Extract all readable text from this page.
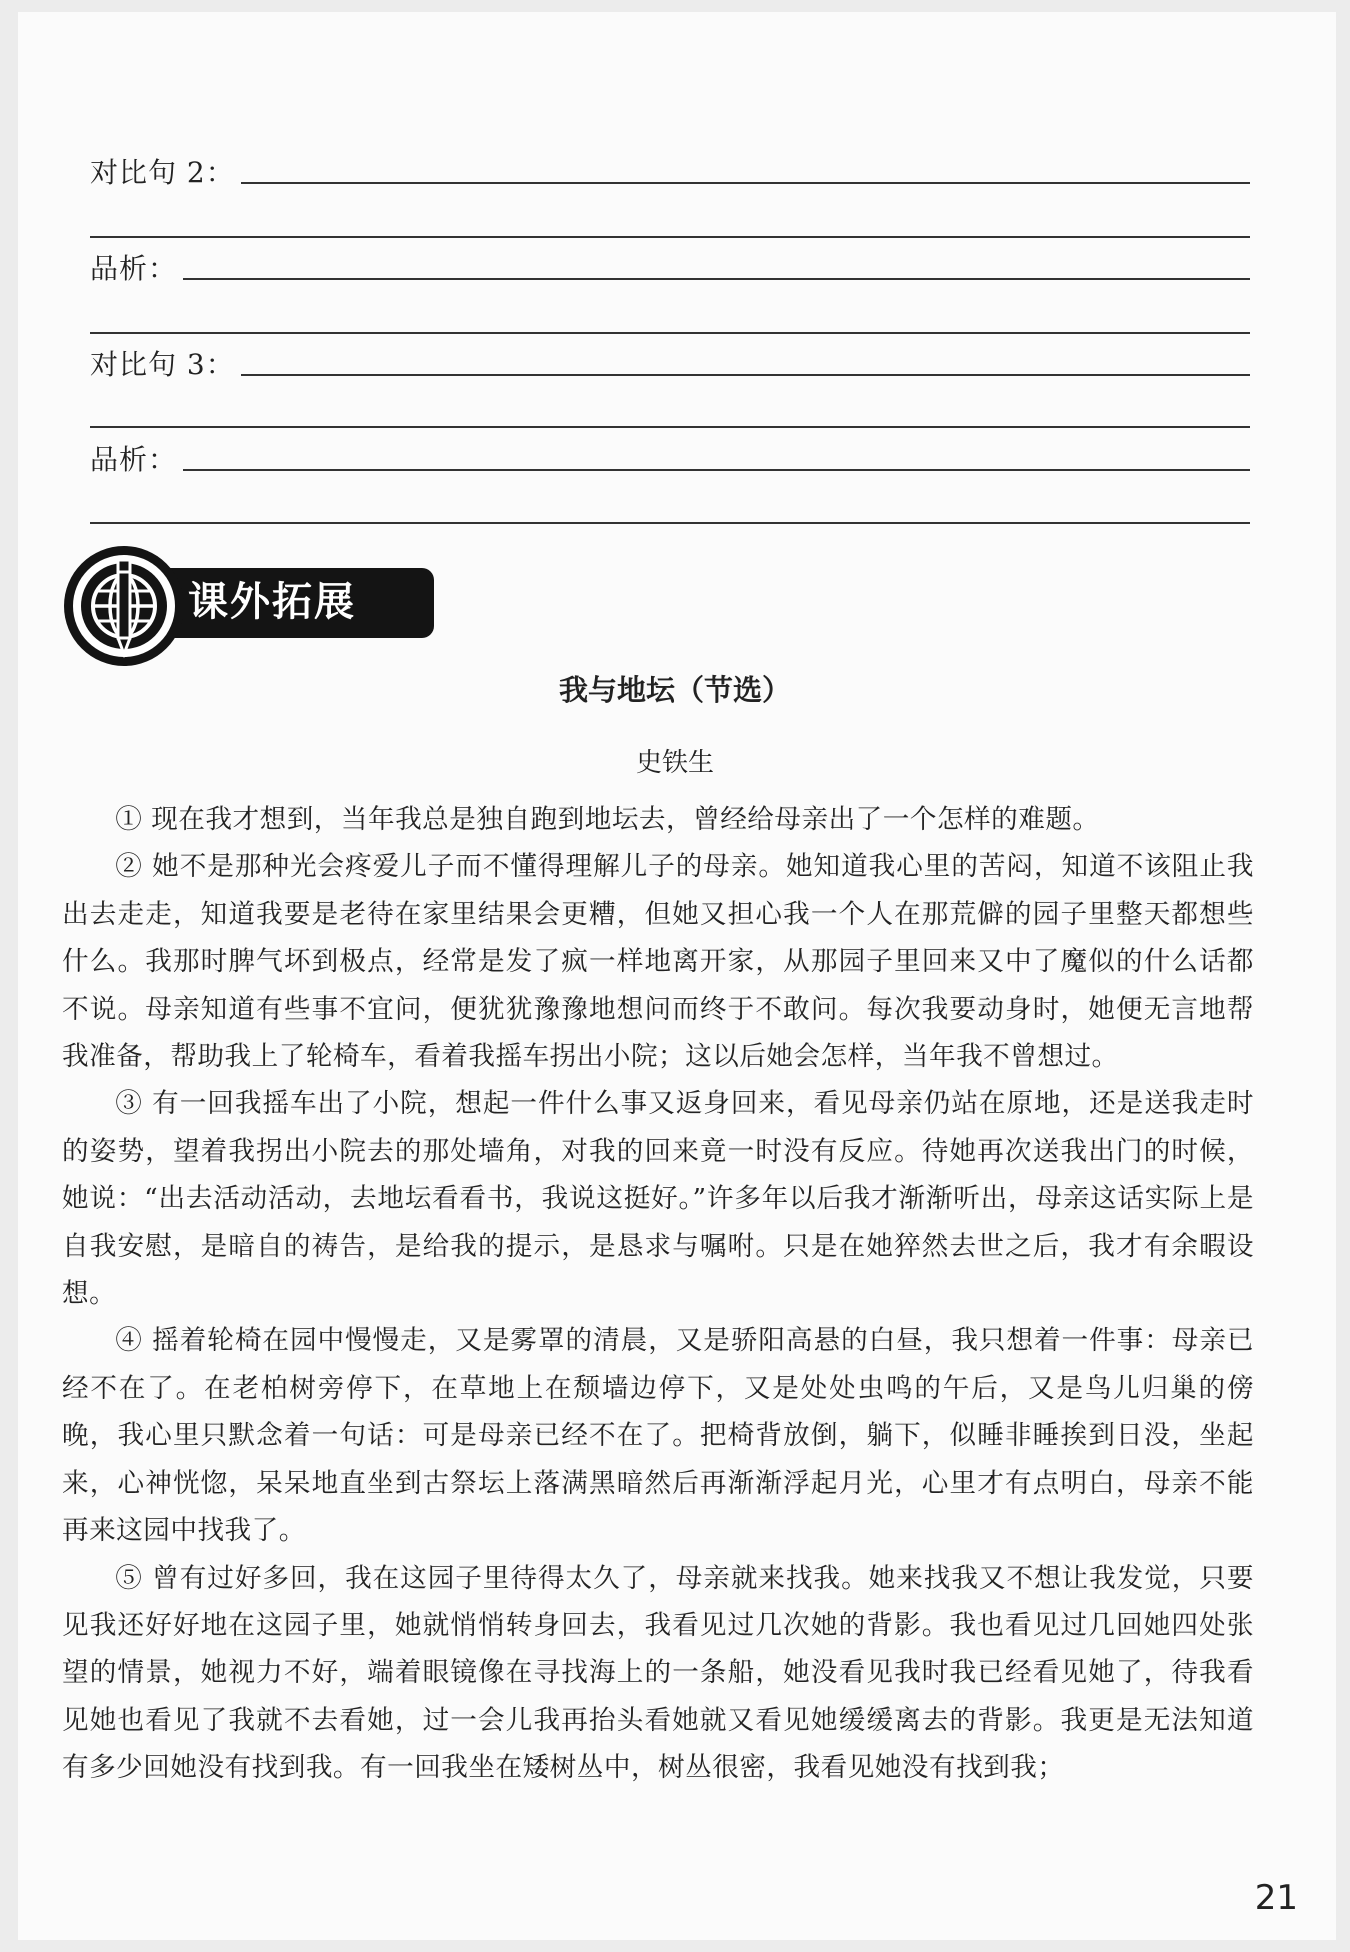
对比句 2：
品析：
对比句 3：
品析：
课外拓展
我与地坛（节选）
史铁生

① 现在我才想到，当年我总是独自跑到地坛去，曾经给母亲出了一个怎样的难题。

② 她不是那种光会疼爱儿子而不懂得理解儿子的母亲。她知道我心里的苦闷，知道不该阻止我出去走走，知道我要是老待在家里结果会更糟，但她又担心我一个人在那荒僻的园子里整天都想些什么。我那时脾气坏到极点，经常是发了疯一样地离开家，从那园子里回来又中了魔似的什么话都不说。母亲知道有些事不宜问，便犹犹豫豫地想问而终于不敢问。每次我要动身时，她便无言地帮我准备，帮助我上了轮椅车，看着我摇车拐出小院；这以后她会怎样，当年我不曾想过。

③ 有一回我摇车出了小院，想起一件什么事又返身回来，看见母亲仍站在原地，还是送我走时的姿势，望着我拐出小院去的那处墙角，对我的回来竟一时没有反应。待她再次送我出门的时候，她说：“出去活动活动，去地坛看看书，我说这挺好。”许多年以后我才渐渐听出，母亲这话实际上是自我安慰，是暗自的祷告，是给我的提示，是恳求与嘱咐。只是在她猝然去世之后，我才有余暇设想。

④ 摇着轮椅在园中慢慢走，又是雾罩的清晨，又是骄阳高悬的白昼，我只想着一件事：母亲已经不在了。在老柏树旁停下，在草地上在颓墙边停下，又是处处虫鸣的午后，又是鸟儿归巢的傍晚，我心里只默念着一句话：可是母亲已经不在了。把椅背放倒，躺下，似睡非睡挨到日没，坐起来，心神恍惚，呆呆地直坐到古祭坛上落满黑暗然后再渐渐浮起月光，心里才有点明白，母亲不能再来这园中找我了。

⑤ 曾有过好多回，我在这园子里待得太久了，母亲就来找我。她来找我又不想让我发觉，只要见我还好好地在这园子里，她就悄悄转身回去，我看见过几次她的背影。我也看见过几回她四处张望的情景，她视力不好，端着眼镜像在寻找海上的一条船，她没看见我时我已经看见她了，待我看见她也看见了我就不去看她，过一会儿我再抬头看她就又看见她缓缓离去的背影。我更是无法知道有多少回她没有找到我。有一回我坐在矮树丛中，树丛很密，我看见她没有找到我；

21
